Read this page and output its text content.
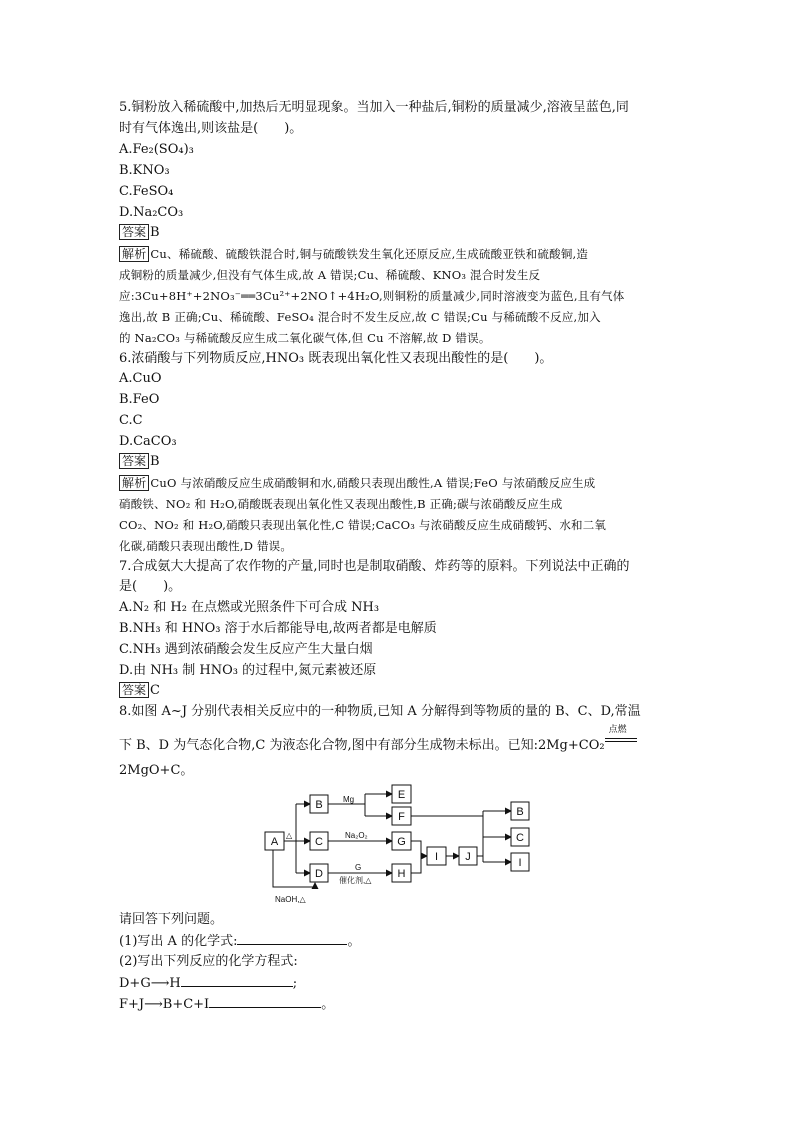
5.铜粉放入稀硫酸中,加热后无明显现象。当加入一种盐后,铜粉的质量减少,溶液呈蓝色,同
时有气体逸出,则该盐是(　　)。
A.Fe₂(SO₄)₃
B.KNO₃
C.FeSO₄
D.Na₂CO₃
答案 B
解析 Cu、稀硫酸、硫酸铁混合时,铜与硫酸铁发生氧化还原反应,生成硫酸亚铁和硫酸铜,造
成铜粉的质量减少,但没有气体生成,故 A 错误;Cu、稀硫酸、KNO₃ 混合时发生反
应:3Cu+8H⁺+2NO₃⁻══3Cu²⁺+2NO↑+4H₂O,则铜粉的质量减少,同时溶液变为蓝色,且有气体
逸出,故 B 正确;Cu、稀硫酸、FeSO₄ 混合时不发生反应,故 C 错误;Cu 与稀硫酸不反应,加入
的 Na₂CO₃ 与稀硫酸反应生成二氧化碳气体,但 Cu 不溶解,故 D 错误。
6.浓硝酸与下列物质反应,HNO₃ 既表现出氧化性又表现出酸性的是(　　)。
A.CuO
B.FeO
C.C
D.CaCO₃
答案 B
解析 CuO 与浓硝酸反应生成硝酸铜和水,硝酸只表现出酸性,A 错误;FeO 与浓硝酸反应生成
硝酸铁、NO₂ 和 H₂O,硝酸既表现出氧化性又表现出酸性,B 正确;碳与浓硝酸反应生成
CO₂、NO₂ 和 H₂O,硝酸只表现出氧化性,C 错误;CaCO₃ 与浓硝酸反应生成硝酸钙、水和二氧
化碳,硝酸只表现出酸性,D 错误。
7.合成氨大大提高了农作物的产量,同时也是制取硝酸、炸药等的原料。下列说法中正确的
是(　　)。
A.N₂ 和 H₂ 在点燃或光照条件下可合成 NH₃
B.NH₃ 和 HNO₃ 溶于水后都能导电,故两者都是电解质
C.NH₃ 遇到浓硝酸会发生反应产生大量白烟
D.由 NH₃ 制 HNO₃ 的过程中,氮元素被还原
答案 C
8.如图 A~J 分别代表相关反应中的一种物质,已知 A 分解得到等物质的量的 B、C、D,常温
下 B、D 为气态化合物,C 为液态化合物,图中有部分生成物未标出。已知:2Mg+CO₂
点燃
2MgO+C。
A
B
C
D
E
F
G
H
I J
B
C
I
△
Mg
Na₂O₂
G
催化剂,△
NaOH,△
请回答下列问题。
(1)写出 A 的化学式:	。
(2)写出下列反应的化学方程式:
D+G⟶H	;
F+J⟶B+C+I	。
